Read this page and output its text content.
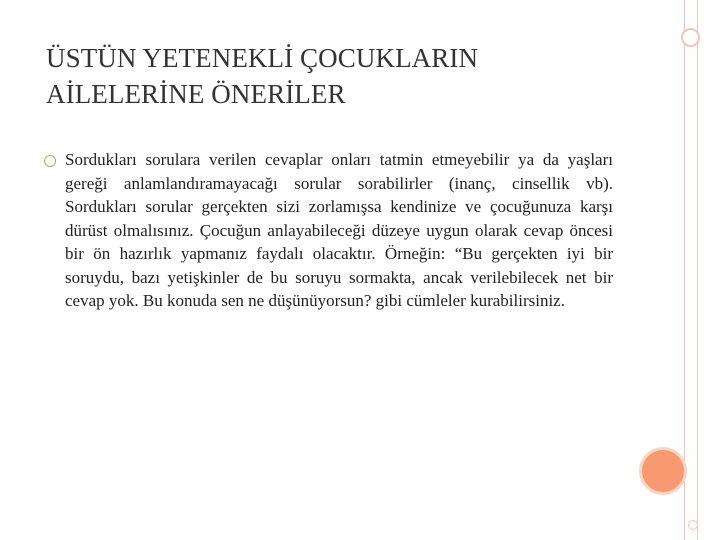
ÜSTÜN YETENEKLİ ÇOCUKLARIN
AİLELERİNE ÖNERİLER
Sordukları sorulara verilen cevaplar onları tatmin etmeyebilir ya da yaşları gereği anlamlandıramayacağı sorular sorabilirler (inanç, cinsellik vb). Sordukları sorular gerçekten sizi zorlamışsa kendinize ve çocuğunuza karşı dürüst olmalısınız. Çocuğun anlayabileceği düzeye uygun olarak cevap öncesi bir ön hazırlık yapmanız faydalı olacaktır. Örneğin: “Bu gerçekten iyi bir soruydu, bazı yetişkinler de bu soruyu sormakta, ancak verilebilecek net bir cevap yok. Bu konuda sen ne düşünüyorsun? gibi cümleler kurabilirsiniz.
